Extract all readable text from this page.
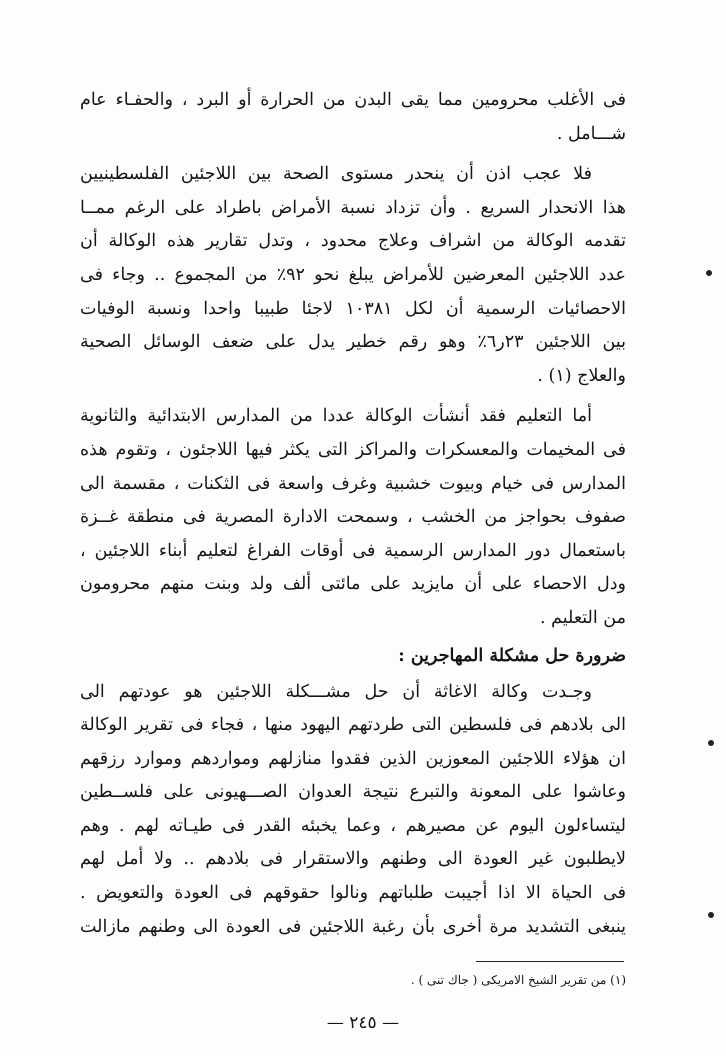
فى الأغلب محرومين مما يقى البدن من الحرارة أو البرد ، والحفـاء عام
شـــامل .
فلا عجب اذن أن ينحدر مستوى الصحة بين اللاجئين الفلسطينيين
هذا الانحدار السريع . وأن تزداد نسبة الأمراض باطراد على الرغم ممــا
تقدمه الوكالة من اشراف وعلاج محدود ، وتدل تقارير هذه الوكالة أن
عدد اللاجئين المعرضين للأمراض يبلغ نحو ٩٢٪ من المجموع .. وجاء فى
الاحصائيات الرسمية أن لكل ١٠٣٨١ لاجئا طبيبا واحدا ونسبة الوفيات
بين اللاجئين ٢٣ر٦٪ وهو رقم خطير يدل على ضعف الوسائل الصحية
والعلاج (١) .
أما التعليم فقد أنشأت الوكالة عددا من المدارس الابتدائية والثانوية
فى المخيمات والمعسكرات والمراكز التى يكثر فيها اللاجئون ، وتقوم هذه
المدارس فى خيام وبيوت خشبية وغرف واسعة فى الثكنات ، مقسمة الى
صفوف بحواجز من الخشب ، وسمحت الادارة المصرية فى منطقة غــزة
باستعمال دور المدارس الرسمية فى أوقات الفراغ لتعليم أبناء اللاجئين ،
ودل الاحصاء على أن مايزيد على مائتى ألف ولد وبنت منهم محرومون
من التعليم .
ضرورة حل مشكلة المهاجرين :
وجـدت وكالة الاغاثة أن حل مشـــكلة اللاجئين هو عودتهم الى
الى بلادهم فى فلسطين التى طردتهم اليهود منها ، فجاء فى تقرير الوكالة
ان هؤلاء اللاجئين المعوزين الذين فقدوا منازلهم ومواردهم وموارد رزقهم
وعاشوا على المعونة والتبرع نتيجة العدوان الصـــهيونى على فلســطين
ليتساءلون اليوم عن مصيرهم ، وعما يخبئه القدر فى طيـاته لهم . وهم
لايطلبون غير العودة الى وطنهم والاستقرار فى بلادهم .. ولا أمل لهم
فى الحياة الا اذا أجيبت طلباتهم ونالوا حقوقهم فى العودة والتعويض .
ينبغى التشديد مرة أخرى بأن رغبة اللاجئين فى العودة الى وطنهم مازالت
(١) من تقرير الشيخ الامريكى ( جاك تنى ) .
— ٢٤٥ —
